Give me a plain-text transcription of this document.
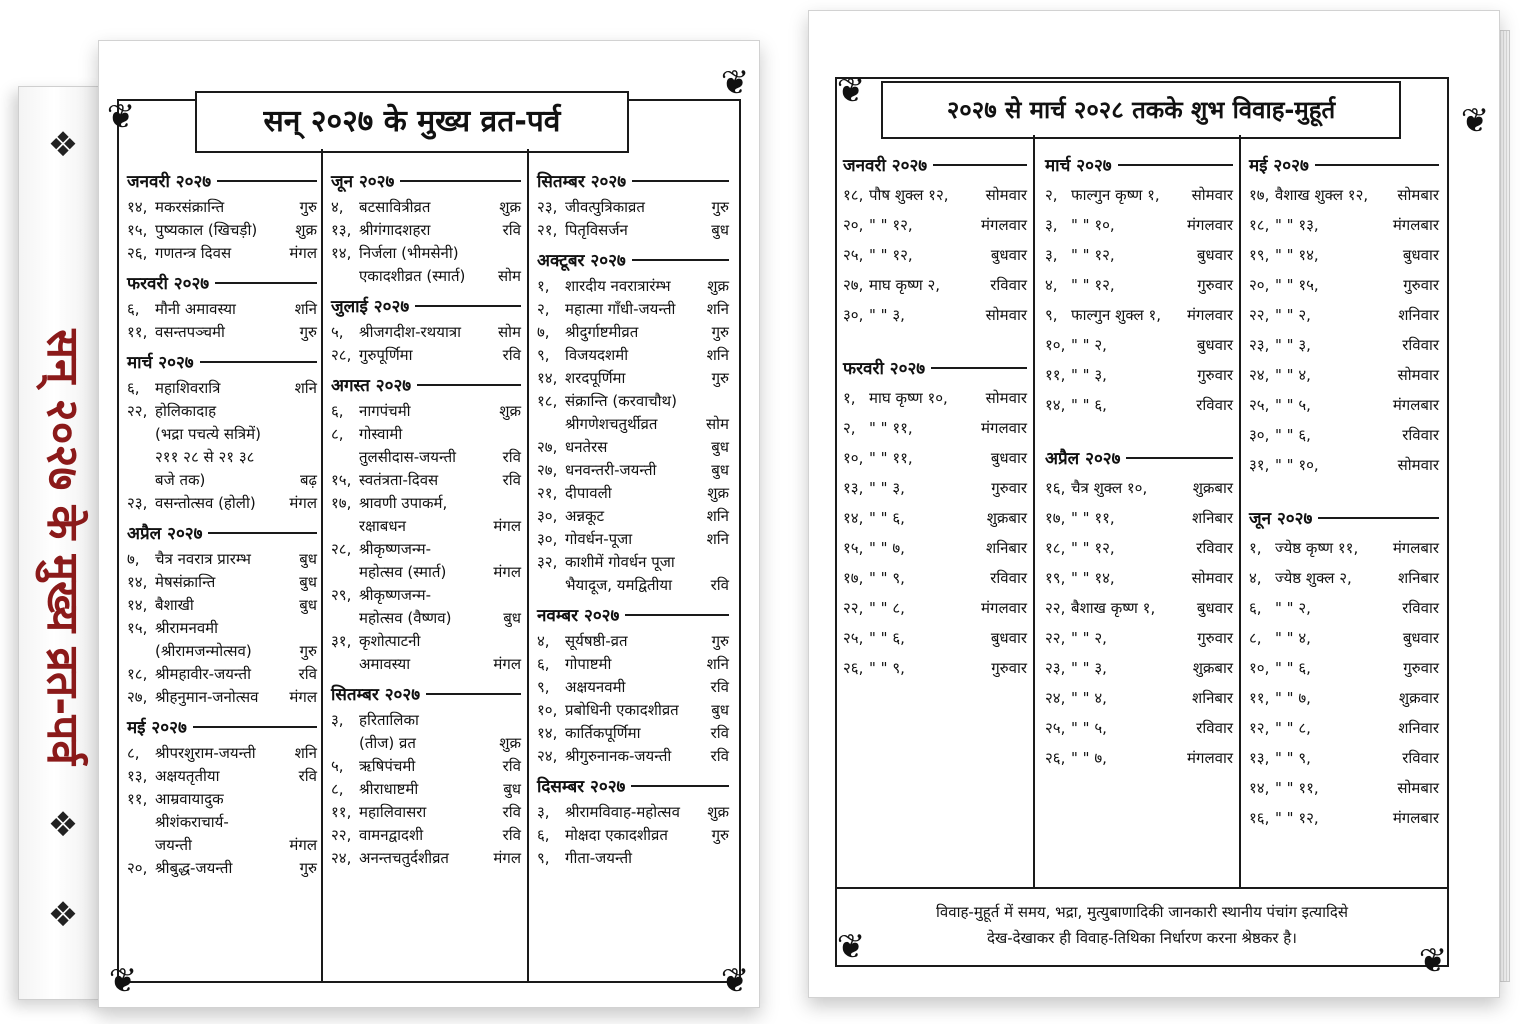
❖
सन् २०२७ के मुख्य व्रत-पर्व
❖
❖
❦
❦
❦	❦
सन् २०२७ के मुख्य व्रत-पर्व
जनवरी २०२७
१४, मकरसंक्रान्ति	गुरु
१५, पुष्यकाल (खिचड़ी)	शुक्र
२६, गणतन्त्र दिवस	मंगल
फरवरी २०२७
६,	मौनी अमावस्या	शनि
११, वसन्तपञ्चमी	गुरु
मार्च २०२७
६,	महाशिवरात्रि	शनि
२२, होलिकादाह
(भद्रा पचत्ये सत्रिमें)
२११ २८ से २१ ३८
बजे तक)	बढ़
२३, वसन्तोत्सव (होली)	मंगल
अप्रैल २०२७
७,	चैत्र नवरात्र प्रारम्भ	बुध
१४, मेषसंक्रान्ति	बुध
१४, बैशाखी	बुध
१५, श्रीरामनवमी
(श्रीरामजन्मोत्सव)	गुरु
१८, श्रीमहावीर-जयन्ती	रवि
२७, श्रीहनुमान-जनोत्सव	मंगल
मई २०२७
८,	श्रीपरशुराम-जयन्ती	शनि
१३, अक्षयतृतीया	रवि
११, आम्रवायादुक
श्रीशंकराचार्य-
जयन्ती	मंगल
२०, श्रीबुद्ध-जयन्ती	गुरु
जून २०२७
४,	बटसावित्रीव्रत	शुक्र
१३, श्रीगंगादशहरा	रवि
१४, निर्जला (भीमसेनी)
एकादशीव्रत (स्मार्त)	सोम
जुलाई २०२७
५,	श्रीजगदीश-रथयात्रा	सोम
२८, गुरुपूर्णिमा	रवि
अगस्त २०२७
६,	नागपंचमी	शुक्र
८,	गोस्वामी
तुलसीदास-जयन्ती	रवि
१५, स्वतंत्रता-दिवस	रवि
१७, श्रावणी उपाकर्म,
रक्षाबधन	मंगल
२८, श्रीकृष्णजन्म-
महोत्सव (स्मार्त)	मंगल
२९, श्रीकृष्णजन्म-
महोत्सव (वैष्णव)	बुध
३१, कृशोत्पाटनी
अमावस्या	मंगल
सितम्बर २०२७
३,	हरितालिका
(तीज) व्रत	शुक्र
५,	ऋषिपंचमी	रवि
८,	श्रीराधाष्टमी	बुध
११, महालिवासरा	रवि
२२, वामनद्वादशी	रवि
२४, अनन्तचतुर्दशीव्रत	मंगल
सितम्बर २०२७
२३, जीवत्पुत्रिकाव्रत	गुरु
२१, पितृविसर्जन	बुध
अक्टूबर २०२७
१,	शारदीय नवरात्रारंम्भ	शुक्र
२,	महात्मा गाँधी-जयन्ती	शनि
७,	श्रीदुर्गाष्टमीव्रत	गुरु
९,	विजयदशमी	शनि
१४, शरदपूर्णिमा	गुरु
१८, संक्रान्ति (करवाचौथ)
श्रीगणेशचतुर्थीव्रत	सोम
२७, धनतेरस	बुध
२७, धनवन्तरी-जयन्ती	बुध
२१, दीपावली	शुक्र
३०, अन्नकूट	शनि
३०, गोवर्धन-पूजा	शनि
३२, काशीमें गोवर्धन पूजा
भैयादूज, यमद्वितीया	रवि
नवम्बर २०२७
४,	सूर्यषष्ठी-व्रत	गुरु
६,	गोपाष्टमी	शनि
९,	अक्षयनवमी	रवि
१०, प्रबोधिनी एकादशीव्रत	बुध
१४, कार्तिकपूर्णिमा	रवि
२४, श्रीगुरुनानक-जयन्ती	रवि
दिसम्बर २०२७
३,	श्रीरामविवाह-महोत्सव	शुक्र
६,	मोक्षदा एकादशीव्रत	गुरु
९,	गीता-जयन्ती
❦
❦
❦	❦
२०२७ से मार्च २०२८ तकके शुभ विवाह-मुहूर्त
जनवरी २०२७
१८, पौष शुक्ल १२,	सोमवार
२०, " " १२,	मंगलवार
२५, " " १२,	बुधवार
२७, माघ कृष्ण २,	रविवार
३०, " " ३,	सोमवार
फरवरी २०२७
१, माघ कृष्ण १०,	सोमवार
२, " " ११,	मंगलवार
१०, " " ११,	बुधवार
१३, " " ३,	गुरुवार
१४, " " ६,	शुक्रबार
१५, " " ७,	शनिबार
१७, " " ९,	रविवार
२२, " " ८,	मंगलवार
२५, " " ६,	बुधवार
२६, " " ९,	गुरुवार
मार्च २०२७
२, फाल्गुन कृष्ण १,	सोमवार
३, " " १०,	मंगलवार
३, " " १२,	बुधवार
४, " " १२,	गुरुवार
९, फाल्गुन शुक्ल १,	मंगलवार
१०, " " २,	बुधवार
११, " " ३,	गुरुवार
१४, " " ६,	रविवार
अप्रैल २०२७
१६, चैत्र शुक्ल १०,	शुक्रबार
१७, " " ११,	शनिबार
१८, " " १२,	रविवार
१९, " " १४,	सोमवार
२२, बैशाख कृष्ण १,	बुधवार
२२, " " २,	गुरुवार
२३, " " ३,	शुक्रबार
२४, " " ४,	शनिबार
२५, " " ५,	रविवार
२६, " " ७,	मंगलवार
मई २०२७
१७, वैशाख शुक्ल १२,	सोमबार
१८, " " १३,	मंगलबार
१९, " " १४,	बुधवार
२०, " " १५,	गुरुवार
२२, " " २,	शनिवार
२३, " " ३,	रविवार
२४, " " ४,	सोमवार
२५, " " ५,	मंगलबार
३०, " " ६,	रविवार
३१, " " १०,	सोमवार
जून २०२७
१, ज्येष्ठ कृष्ण ११,	मंगलबार
४, ज्येष्ठ शुक्ल २,	शनिबार
६, " " २,	रविवार
८, " " ४,	बुधवार
१०, " " ६,	गुरुवार
११, " " ७,	शुक्रवार
१२, " " ८,	शनिवार
१३, " " ९,	रविवार
१४, " " ११,	सोमबार
१६, " " १२,	मंगलबार
विवाह-मुहूर्त में समय, भद्रा, मुत्युबाणादिकी जानकारी स्थानीय पंचांग इत्यादिसे
देख-देखाकर ही विवाह-तिथिका निर्धारण करना श्रेष्ठकर है।
